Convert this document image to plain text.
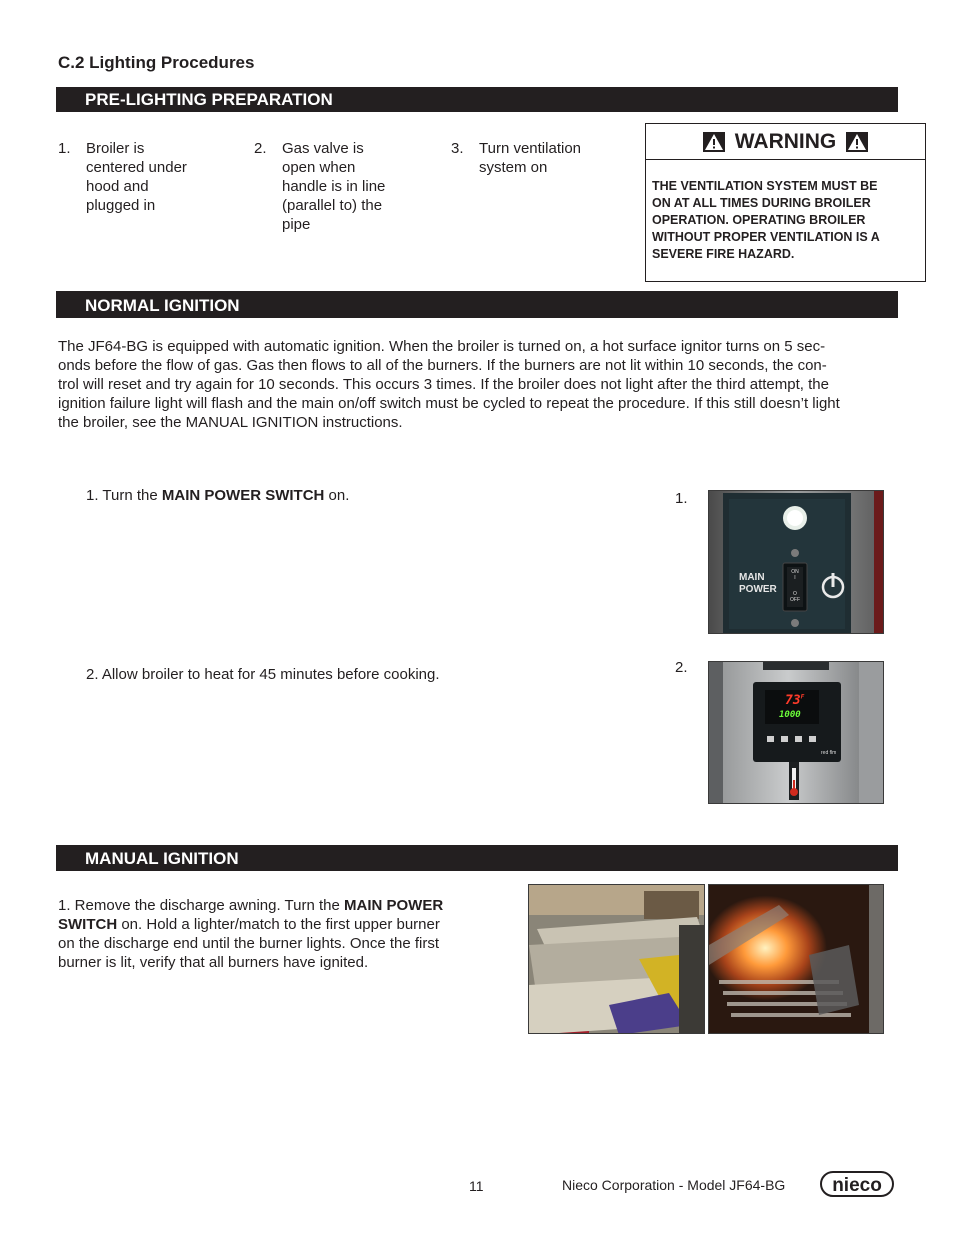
C.2 Lighting Procedures
PRE-LIGHTING PREPARATION
1. Broiler is
centered under
hood and
plugged in
2. Gas valve is
open when
handle is in line
(parallel to) the
pipe
3. Turn ventilation
system on
WARNING
THE VENTILATION SYSTEM MUST BE
ON AT ALL TIMES DURING BROILER
OPERATION. OPERATING BROILER
WITHOUT PROPER VENTILATION IS A
SEVERE FIRE HAZARD.
NORMAL IGNITION
The JF64-BG is equipped with automatic ignition. When the broiler is turned on, a hot surface ignitor turns on 5 sec-
onds before the flow of gas. Gas then flows to all of the burners. If the burners are not lit within 10 seconds, the con-
trol will reset and try again for 10 seconds. This occurs 3 times. If the broiler does not light after the third attempt, the
ignition failure light will flash and the main on/off switch must be cycled to repeat the procedure. If this still doesn’t light
the broiler, see the MANUAL IGNITION instructions.
1. Turn the MAIN POWER SWITCH on.	1.
MAIN
POWER
ON
I
O
OFF
2. Allow broiler to heat for 45 minutes before cooking.	2.
$73^F$
1000
red flm
MANUAL IGNITION
1. Remove the discharge awning. Turn the MAIN POWER
SWITCH on. Hold a lighter/match to the first upper burner
on the discharge end until the burner lights. Once the first
burner is lit, verify that all burners have ignited.
11	Nieco Corporation - Model JF64-BG nieco
